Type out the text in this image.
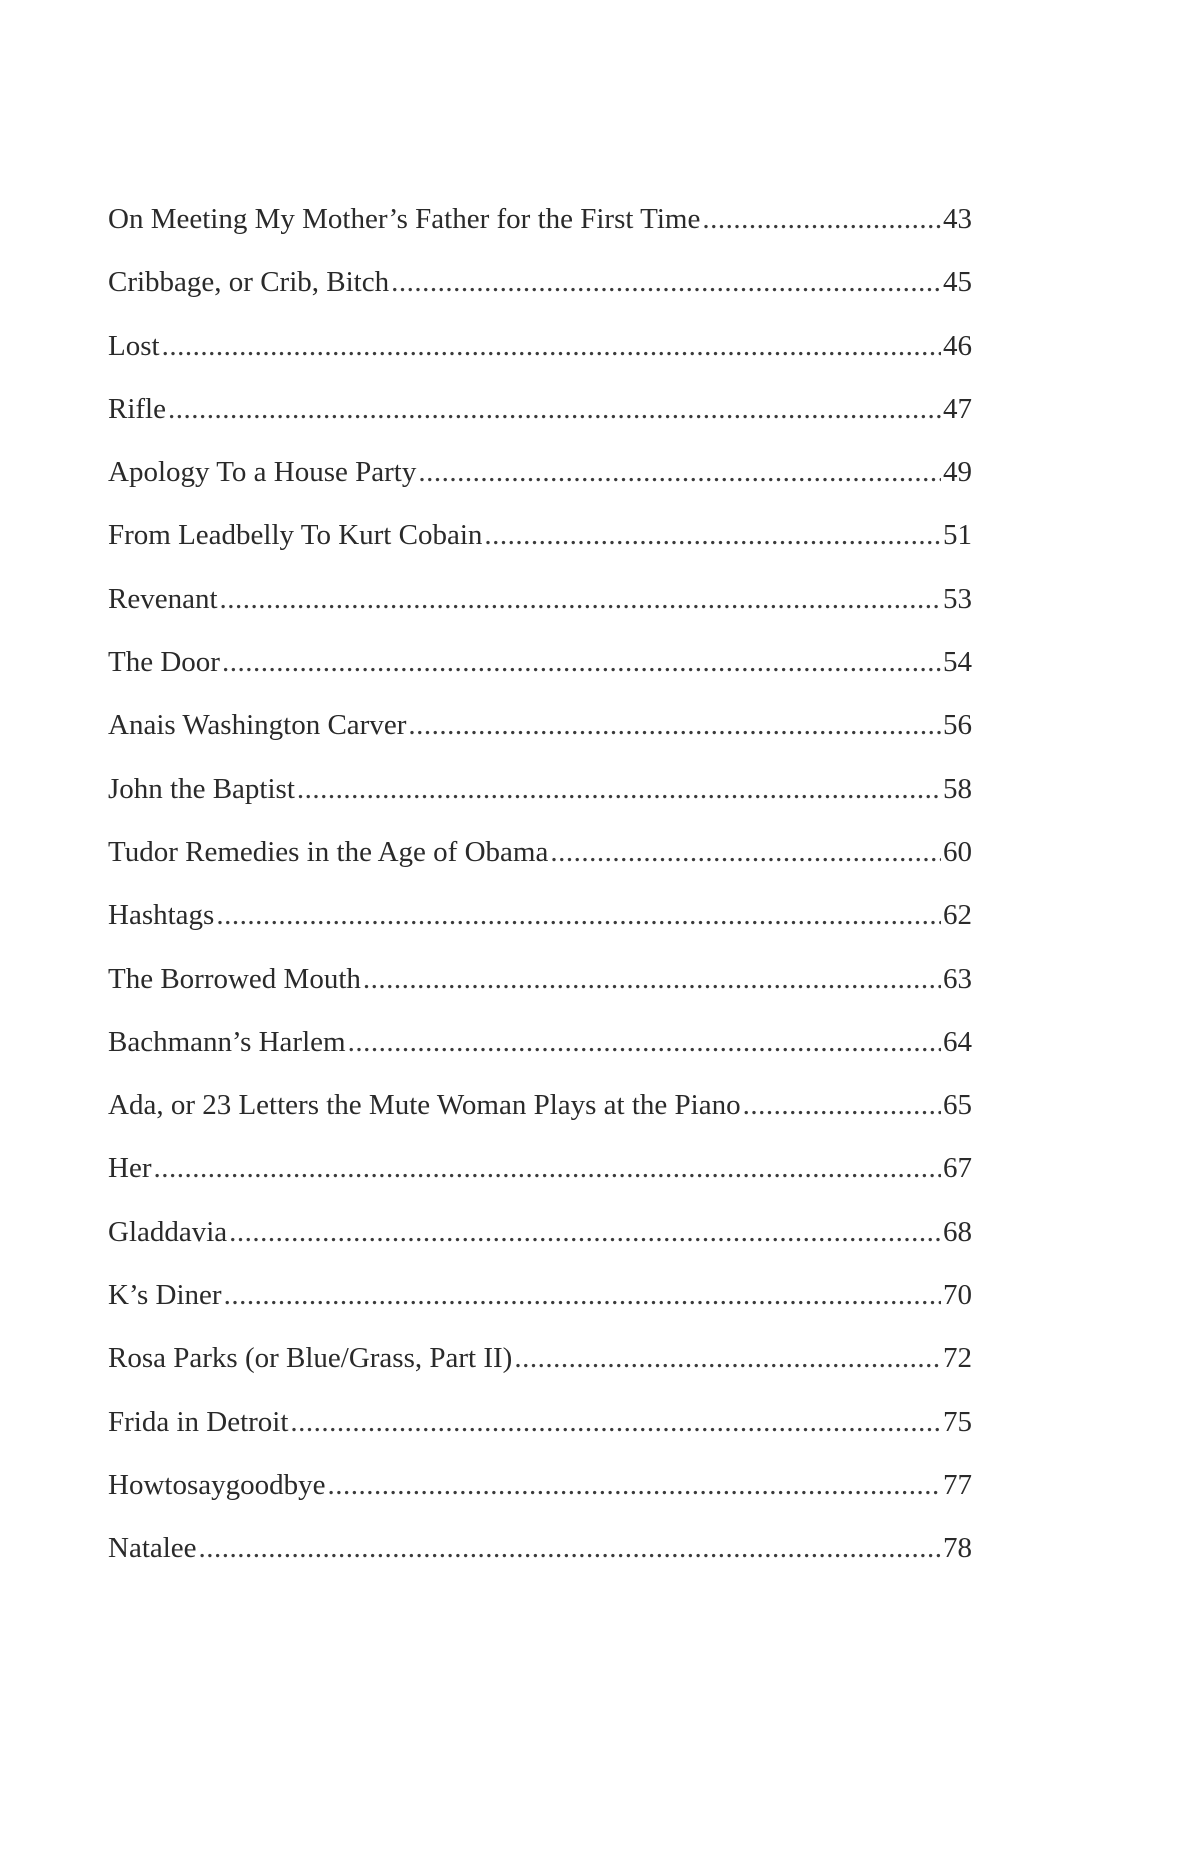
On Meeting My Mother’s Father for the First Time .....	43
Cribbage, or Crib, Bitch .....	45
Lost .....	46
Rifle .....	47
Apology To a House Party .....	49
From Leadbelly To Kurt Cobain .....	51
Revenant .....	53
The Door .....	54
Anais Washington Carver .....	56
John the Baptist .....	58
Tudor Remedies in the Age of Obama .....	60
Hashtags .....	62
The Borrowed Mouth .....	63
Bachmann’s Harlem .....	64
Ada, or 23 Letters the Mute Woman Plays at the Piano .....	65
Her .....	67
Gladdavia .....	68
K’s Diner .....	70
Rosa Parks (or Blue/Grass, Part II) .....	72
Frida in Detroit .....	75
Howtosaygoodbye .....	77
Natalee .....	78
